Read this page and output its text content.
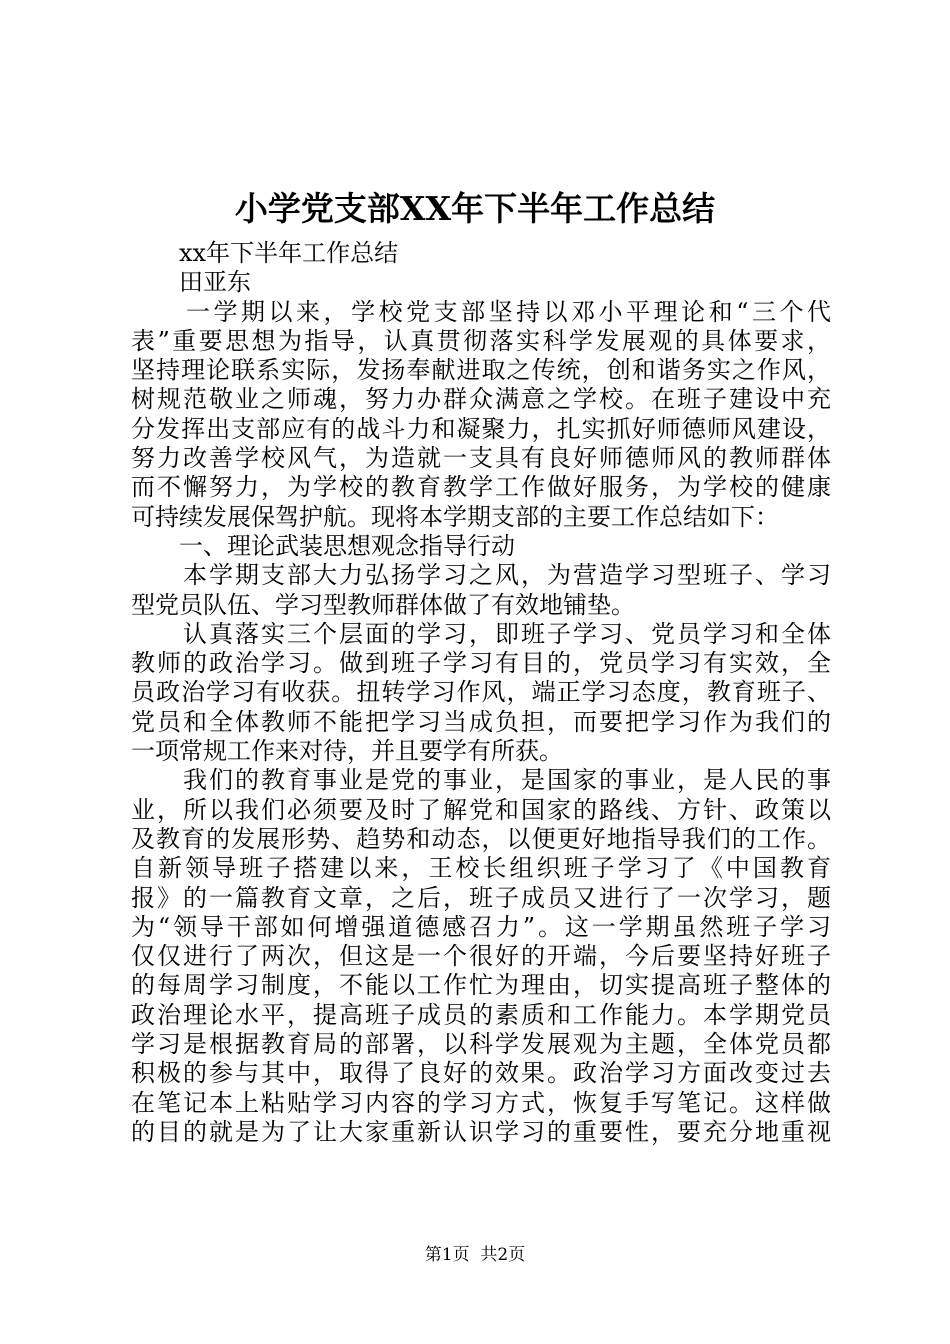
小学党支部XX年下半年工作总结
　　xx年下半年工作总结
　　田亚东
　　一学期以来，学校党支部坚持以邓小平理论和“三个代
表”重要思想为指导，认真贯彻落实科学发展观的具体要求，
坚持理论联系实际，发扬奉献进取之传统，创和谐务实之作风，
树规范敬业之师魂，努力办群众满意之学校。在班子建设中充
分发挥出支部应有的战斗力和凝聚力，扎实抓好师德师风建设，
努力改善学校风气，为造就一支具有良好师德师风的教师群体
而不懈努力，为学校的教育教学工作做好服务，为学校的健康
可持续发展保驾护航。现将本学期支部的主要工作总结如下：
　　一、理论武装思想观念指导行动
　　本学期支部大力弘扬学习之风，为营造学习型班子、学习
型党员队伍、学习型教师群体做了有效地铺垫。
　　认真落实三个层面的学习，即班子学习、党员学习和全体
教师的政治学习。做到班子学习有目的，党员学习有实效，全
员政治学习有收获。扭转学习作风，端正学习态度，教育班子、
党员和全体教师不能把学习当成负担，而要把学习作为我们的
一项常规工作来对待，并且要学有所获。
　　我们的教育事业是党的事业，是国家的事业，是人民的事
业，所以我们必须要及时了解党和国家的路线、方针、政策以
及教育的发展形势、趋势和动态，以便更好地指导我们的工作。
自新领导班子搭建以来，王校长组织班子学习了《中国教育
报》的一篇教育文章，之后，班子成员又进行了一次学习，题
为“领导干部如何增强道德感召力”。这一学期虽然班子学习
仅仅进行了两次，但这是一个很好的开端，今后要坚持好班子
的每周学习制度，不能以工作忙为理由，切实提高班子整体的
政治理论水平，提高班子成员的素质和工作能力。本学期党员
学习是根据教育局的部署，以科学发展观为主题，全体党员都
积极的参与其中，取得了良好的效果。政治学习方面改变过去
在笔记本上粘贴学习内容的学习方式，恢复手写笔记。这样做
的目的就是为了让大家重新认识学习的重要性，要充分地重视
第1页  共2页
